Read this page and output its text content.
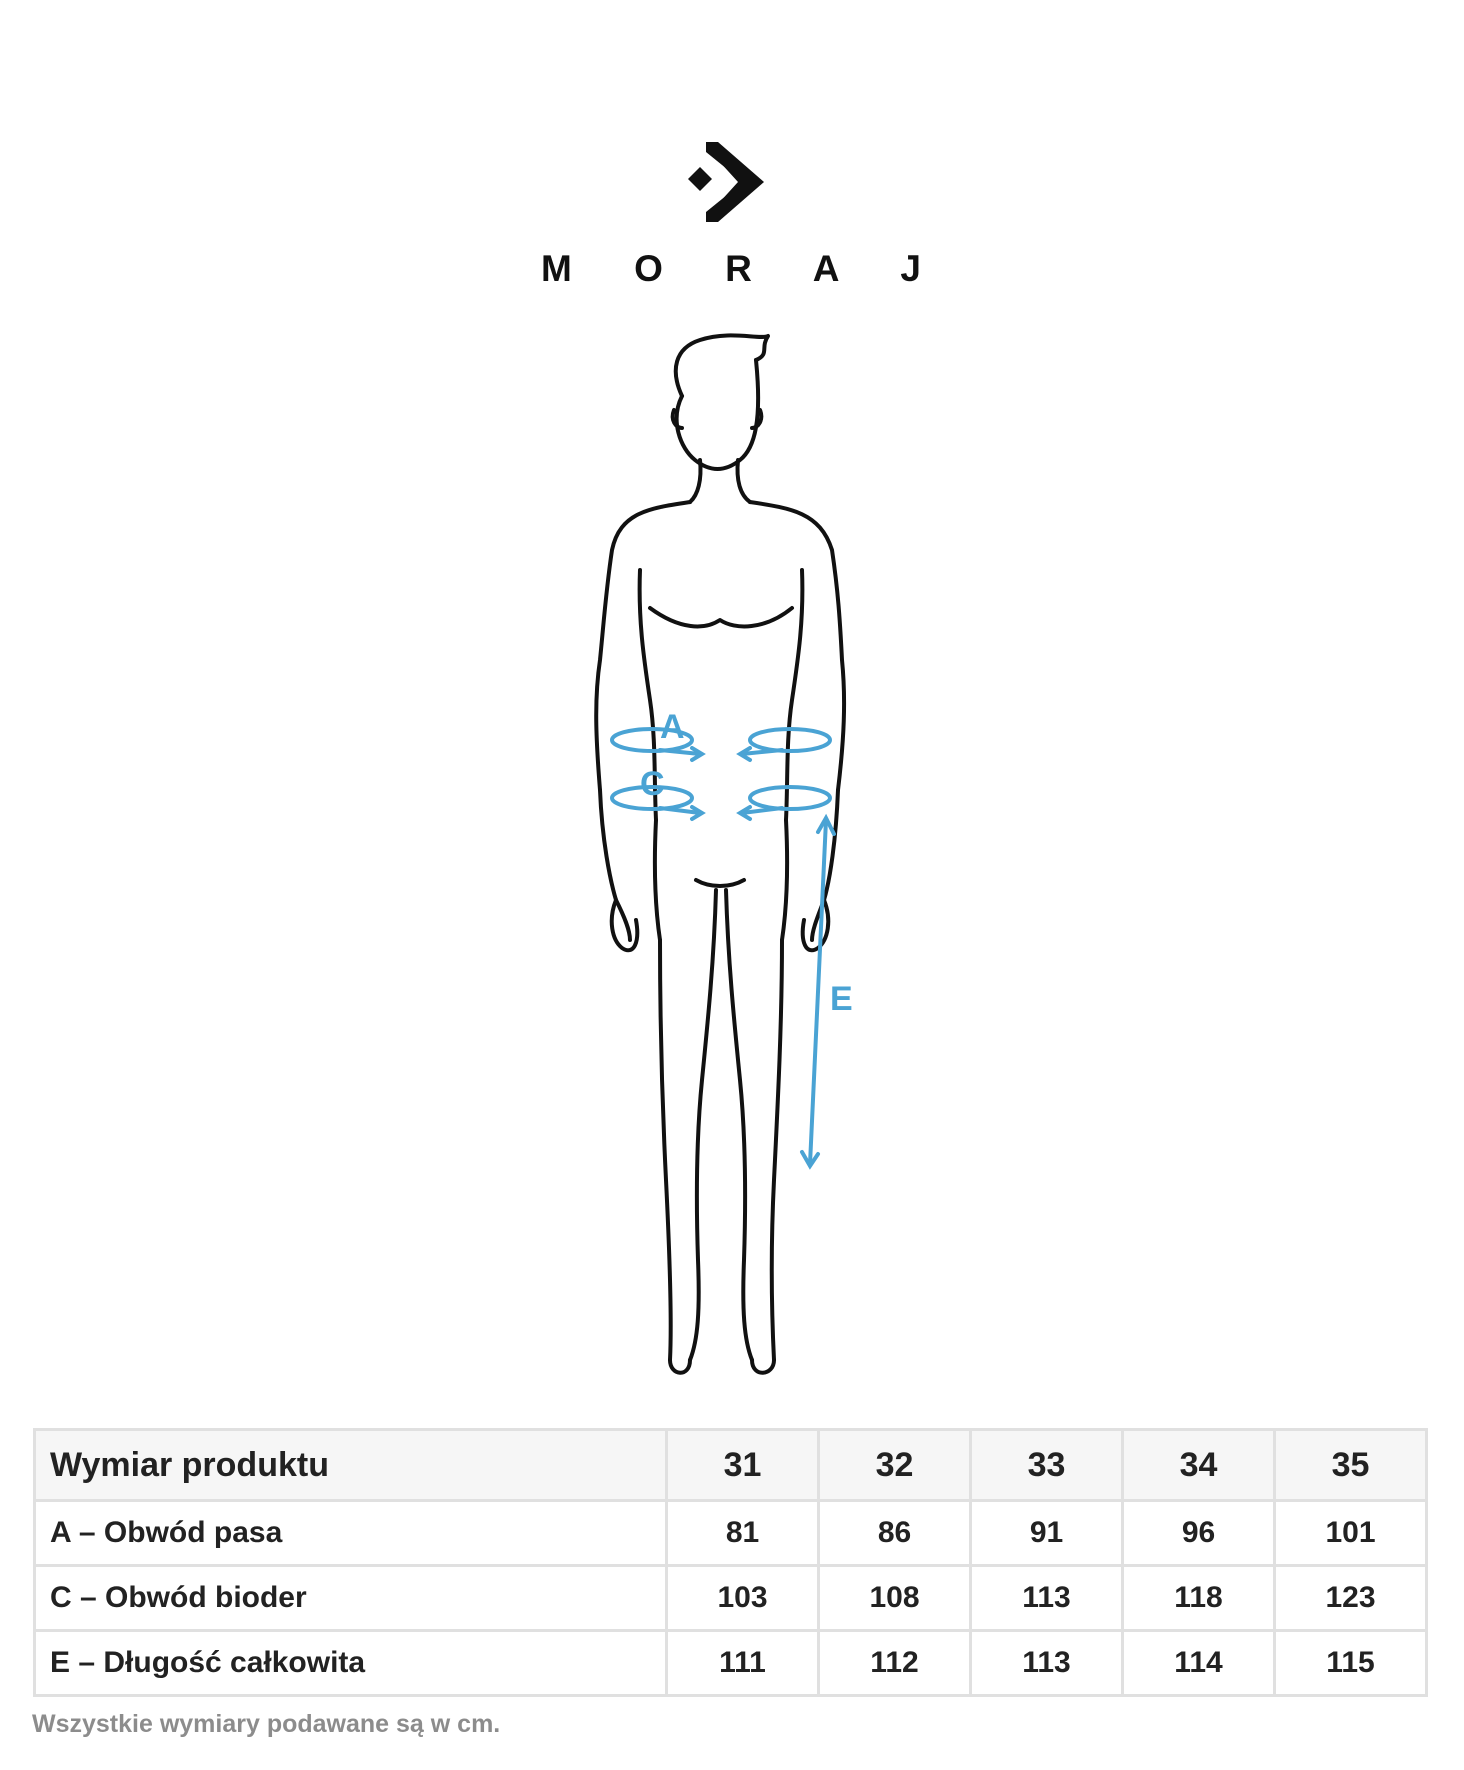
M O R A J
A
C
E
Wymiar produktu	31	32	33	34	35
A – Obwód pasa	81	86	91	96	101
C – Obwód bioder	103	108	113	118	123
E – Długość całkowita	111	112	113	114	115
Wszystkie wymiary podawane są w cm.
